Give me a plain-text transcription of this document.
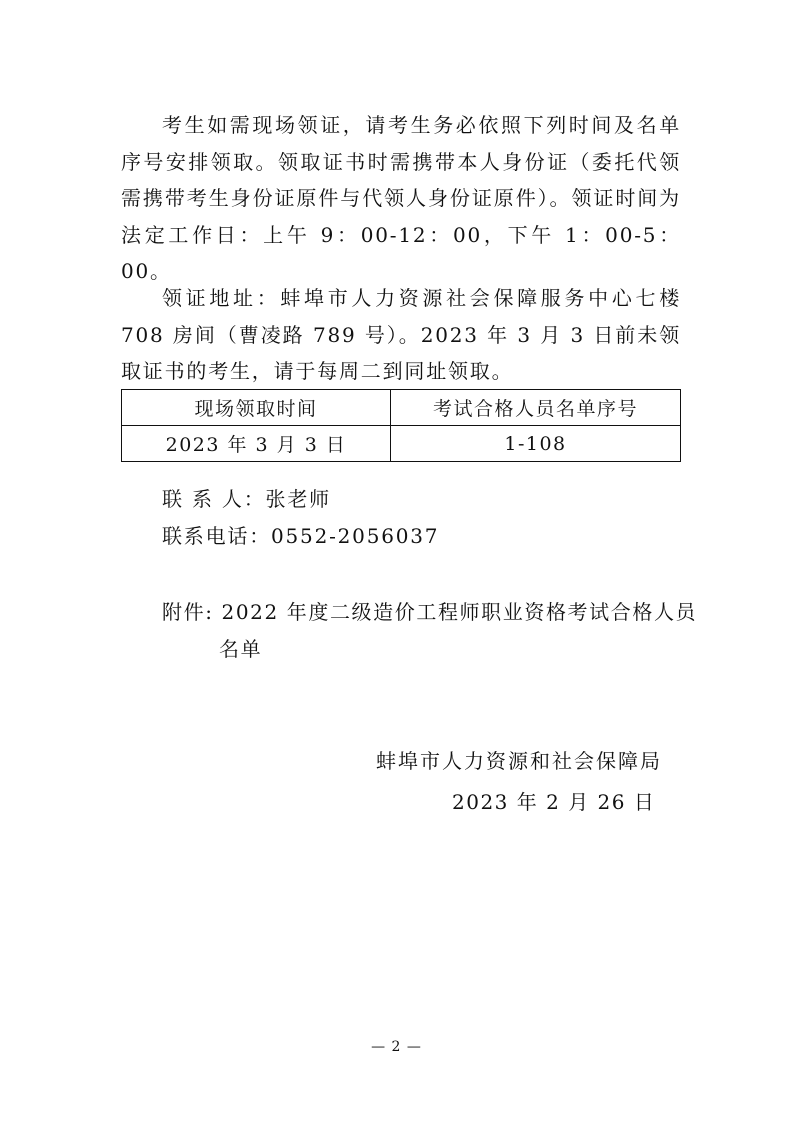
考生如需现场领证，请考生务必依照下列时间及名单序号安排领取。领取证书时需携带本人身份证（委托代领需携带考生身份证原件与代领人身份证原件）。领证时间为法定工作日：上午 9：00-12：00，下午 1：00-5：00。

领证地址：蚌埠市人力资源社会保障服务中心七楼 708 房间（曹凌路 789 号）。2023 年 3 月 3 日前未领取证书的考生，请于每周二到同址领取。

现场领取时间	考试合格人员名单序号
2023 年 3 月 3 日	1-108

联 系 人：张老师

联系电话：0552-2056037

附件: 2022 年度二级造价工程师职业资格考试合格人员
名单

蚌埠市人力资源和社会保障局
2023 年 2 月 26 日
— 2 —
